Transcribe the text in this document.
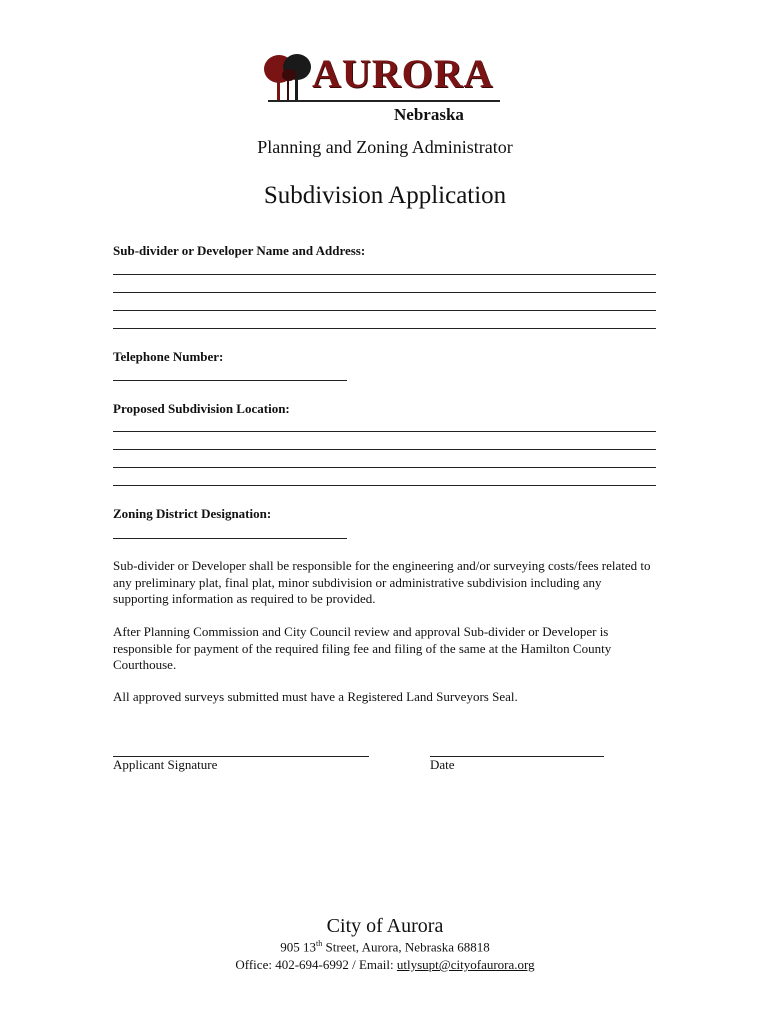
AURORA
Nebraska
Planning and Zoning Administrator
Subdivision Application
Sub-divider or Developer Name and Address:
Telephone Number:
Proposed Subdivision Location:
Zoning District Designation:
Sub-divider or Developer shall be responsible for the engineering and/or surveying costs/fees related to any preliminary plat, final plat, minor subdivision or administrative subdivision including any supporting information as required to be provided.
After Planning Commission and City Council review and approval Sub-divider or Developer is responsible for payment of the required filing fee and filing of the same at the Hamilton County Courthouse.
All approved surveys submitted must have a Registered Land Surveyors Seal.
Applicant Signature	Date
City of Aurora
905 13th Street, Aurora, Nebraska 68818
Office: 402-694-6992 / Email: utlysupt@cityofaurora.org
